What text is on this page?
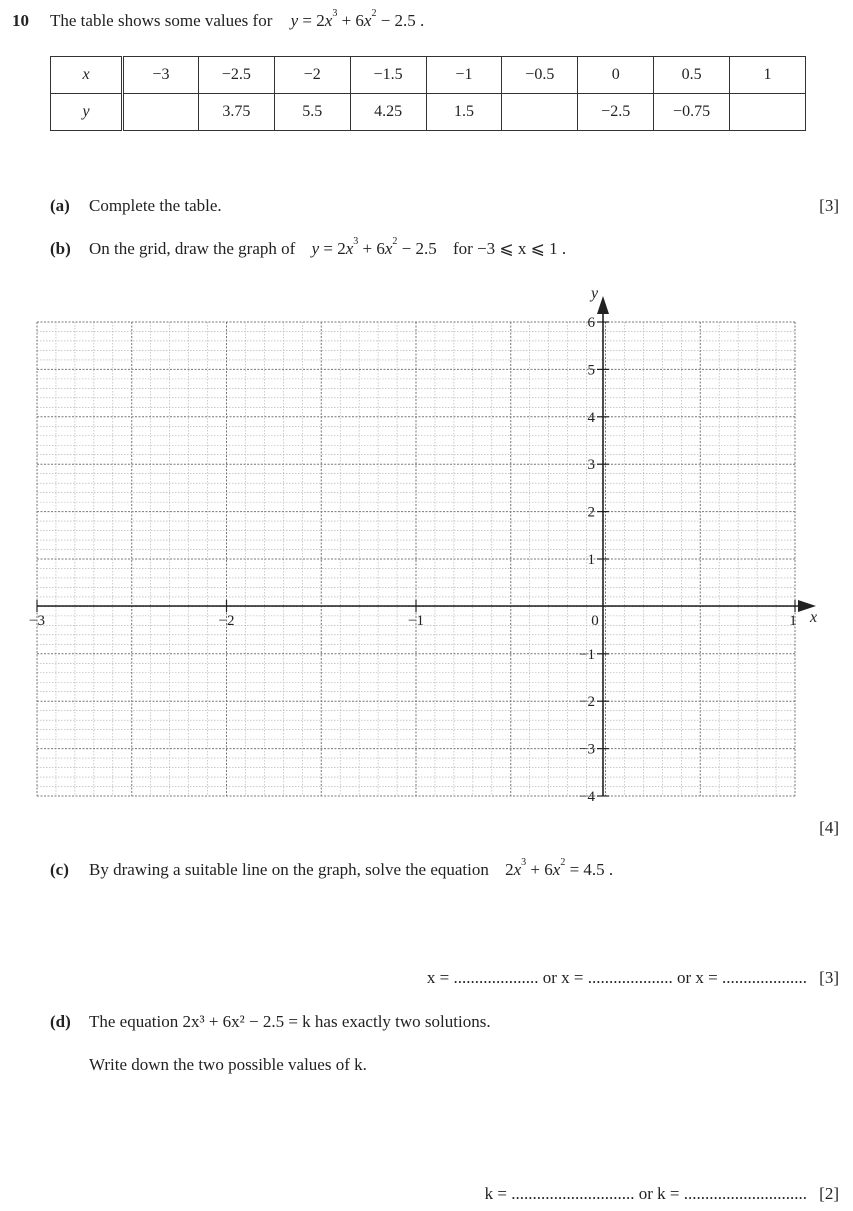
10 The table shows some values for $y = 2x^3 + 6x^2 - 2.5$ .
x	−3	−2.5	−2	−1.5	−1	−0.5	0	0.5	1
y		3.75	5.5	4.25	1.5		−2.5	−0.75	
(a) Complete the table.	[3]
(b) On the grid, draw the graph of $y = 2x^3 + 6x^2 - 2.5$ for −3 ⩽ x ⩽ 1 .
−3	−2	−1	0	1
6
5
4
3
2
1
−1
−2
−3
−4
x
y
[4]
(c) By drawing a suitable line on the graph, solve the equation $2x^3 + 6x^2 = 4.5$ .
x = .................... or x = .................... or x = .................... [3]
(d) The equation 2x³ + 6x² − 2.5 = k has exactly two solutions.
Write down the two possible values of k.
k = ............................. or k = ............................. [2]
